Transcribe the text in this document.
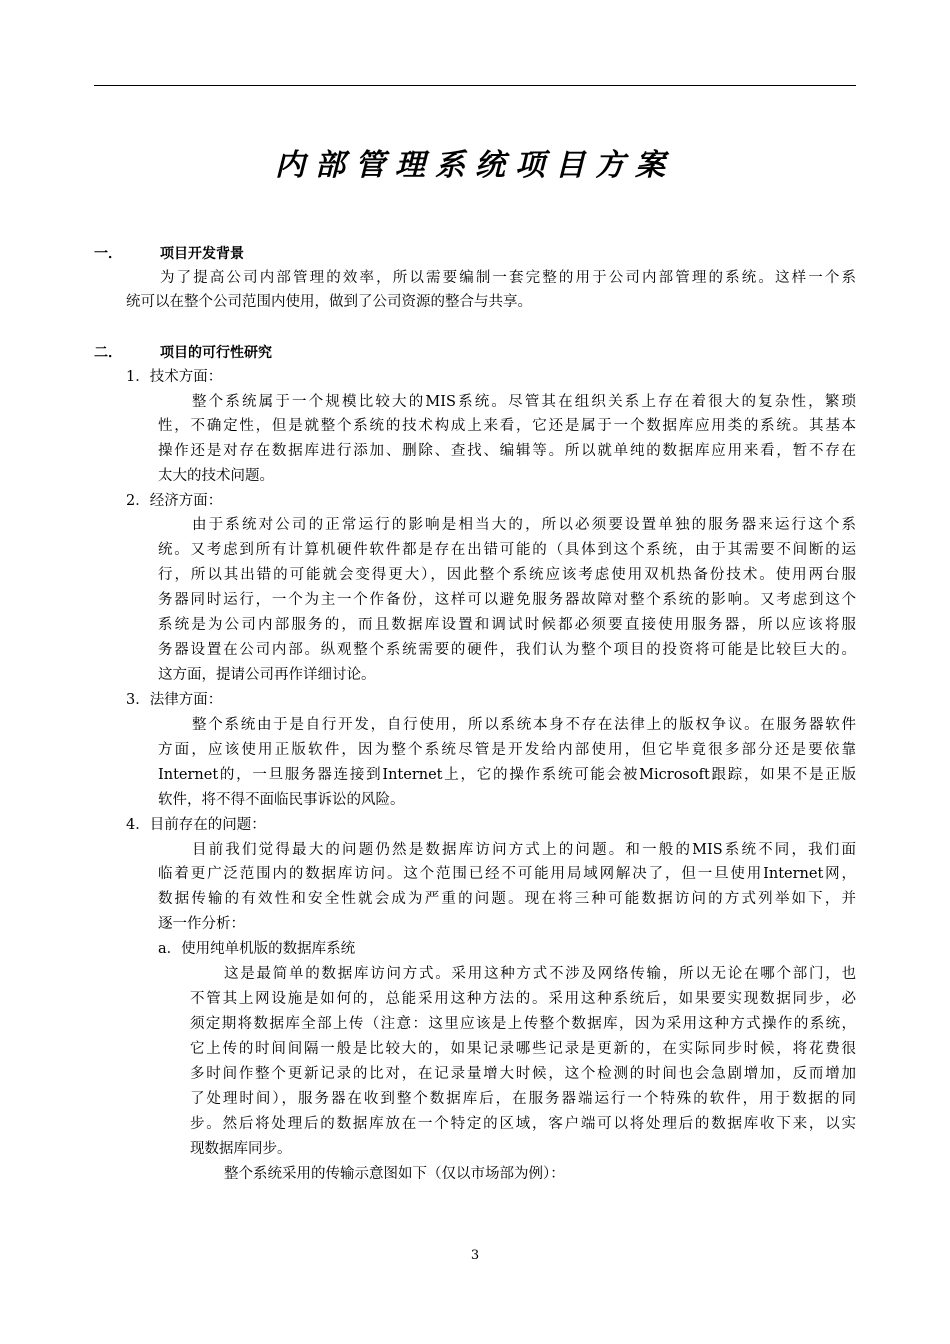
内部管理系统项目方案
一．	项目开发背景
为了提高公司内部管理的效率，所以需要编制一套完整的用于公司内部管理的系统。这样一个系
统可以在整个公司范围内使用，做到了公司资源的整合与共享。
二．	项目的可行性研究
1．技术方面：
整个系统属于一个规模比较大的MIS系统。尽管其在组织关系上存在着很大的复杂性，繁琐
性，不确定性，但是就整个系统的技术构成上来看，它还是属于一个数据库应用类的系统。其基本
操作还是对存在数据库进行添加、删除、查找、编辑等。所以就单纯的数据库应用来看，暂不存在
太大的技术问题。
2．经济方面：
由于系统对公司的正常运行的影响是相当大的，所以必须要设置单独的服务器来运行这个系
统。又考虑到所有计算机硬件软件都是存在出错可能的（具体到这个系统，由于其需要不间断的运
行，所以其出错的可能就会变得更大），因此整个系统应该考虑使用双机热备份技术。使用两台服
务器同时运行，一个为主一个作备份，这样可以避免服务器故障对整个系统的影响。又考虑到这个
系统是为公司内部服务的，而且数据库设置和调试时候都必须要直接使用服务器，所以应该将服
务器设置在公司内部。纵观整个系统需要的硬件，我们认为整个项目的投资将可能是比较巨大的。
这方面，提请公司再作详细讨论。
3．法律方面：
整个系统由于是自行开发，自行使用，所以系统本身不存在法律上的版权争议。在服务器软件
方面，应该使用正版软件，因为整个系统尽管是开发给内部使用，但它毕竟很多部分还是要依靠
Internet的，一旦服务器连接到Internet上，它的操作系统可能会被Microsoft跟踪，如果不是正版
软件，将不得不面临民事诉讼的风险。
4．目前存在的问题：
目前我们觉得最大的问题仍然是数据库访问方式上的问题。和一般的MIS系统不同，我们面
临着更广泛范围内的数据库访问。这个范围已经不可能用局域网解决了，但一旦使用Internet网，
数据传输的有效性和安全性就会成为严重的问题。现在将三种可能数据访问的方式列举如下，并
逐一作分析：
a．使用纯单机版的数据库系统
这是最简单的数据库访问方式。采用这种方式不涉及网络传输，所以无论在哪个部门，也
不管其上网设施是如何的，总能采用这种方法的。采用这种系统后，如果要实现数据同步，必
须定期将数据库全部上传（注意：这里应该是上传整个数据库，因为采用这种方式操作的系统，
它上传的时间间隔一般是比较大的，如果记录哪些记录是更新的，在实际同步时候，将花费很
多时间作整个更新记录的比对，在记录量增大时候，这个检测的时间也会急剧增加，反而增加
了处理时间），服务器在收到整个数据库后，在服务器端运行一个特殊的软件，用于数据的同
步。然后将处理后的数据库放在一个特定的区域，客户端可以将处理后的数据库收下来，以实
现数据库同步。
整个系统采用的传输示意图如下（仅以市场部为例）：
3
